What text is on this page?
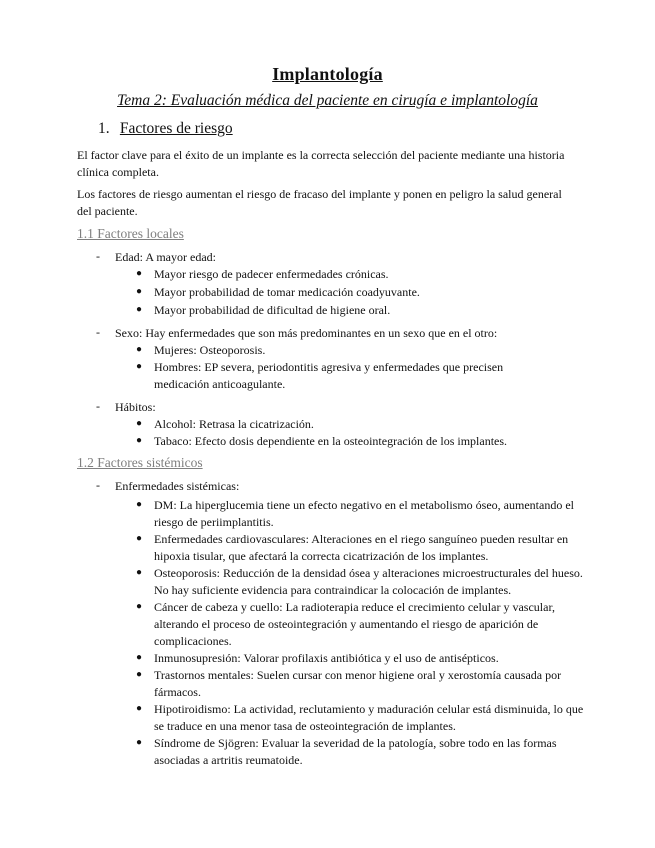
Implantología
Tema 2: Evaluación médica del paciente en cirugía e implantología
1. Factores de riesgo
El factor clave para el éxito de un implante es la correcta selección del paciente mediante una historia clínica completa.
Los factores de riesgo aumentan el riesgo de fracaso del implante y ponen en peligro la salud general del paciente.
1.1 Factores locales
- Edad: A mayor edad:
● Mayor riesgo de padecer enfermedades crónicas.
● Mayor probabilidad de tomar medicación coadyuvante.
● Mayor probabilidad de dificultad de higiene oral.
- Sexo: Hay enfermedades que son más predominantes en un sexo que en el otro:
● Mujeres: Osteoporosis.
● Hombres: EP severa, periodontitis agresiva y enfermedades que precisen medicación anticoagulante.
- Hábitos:
● Alcohol: Retrasa la cicatrización.
● Tabaco: Efecto dosis dependiente en la osteointegración de los implantes.
1.2 Factores sistémicos
- Enfermedades sistémicas:
● DM: La hiperglucemia tiene un efecto negativo en el metabolismo óseo, aumentando el riesgo de periimplantitis.
● Enfermedades cardiovasculares: Alteraciones en el riego sanguíneo pueden resultar en hipoxia tisular, que afectará la correcta cicatrización de los implantes.
● Osteoporosis: Reducción de la densidad ósea y alteraciones microestructurales del hueso. No hay suficiente evidencia para contraindicar la colocación de implantes.
● Cáncer de cabeza y cuello: La radioterapia reduce el crecimiento celular y vascular, alterando el proceso de osteointegración y aumentando el riesgo de aparición de complicaciones.
● Inmunosupresión: Valorar profilaxis antibiótica y el uso de antisépticos.
● Trastornos mentales: Suelen cursar con menor higiene oral y xerostomía causada por fármacos.
● Hipotiroidismo: La actividad, reclutamiento y maduración celular está disminuida, lo que se traduce en una menor tasa de osteointegración de implantes.
● Síndrome de Sjögren: Evaluar la severidad de la patología, sobre todo en las formas asociadas a artritis reumatoide.
